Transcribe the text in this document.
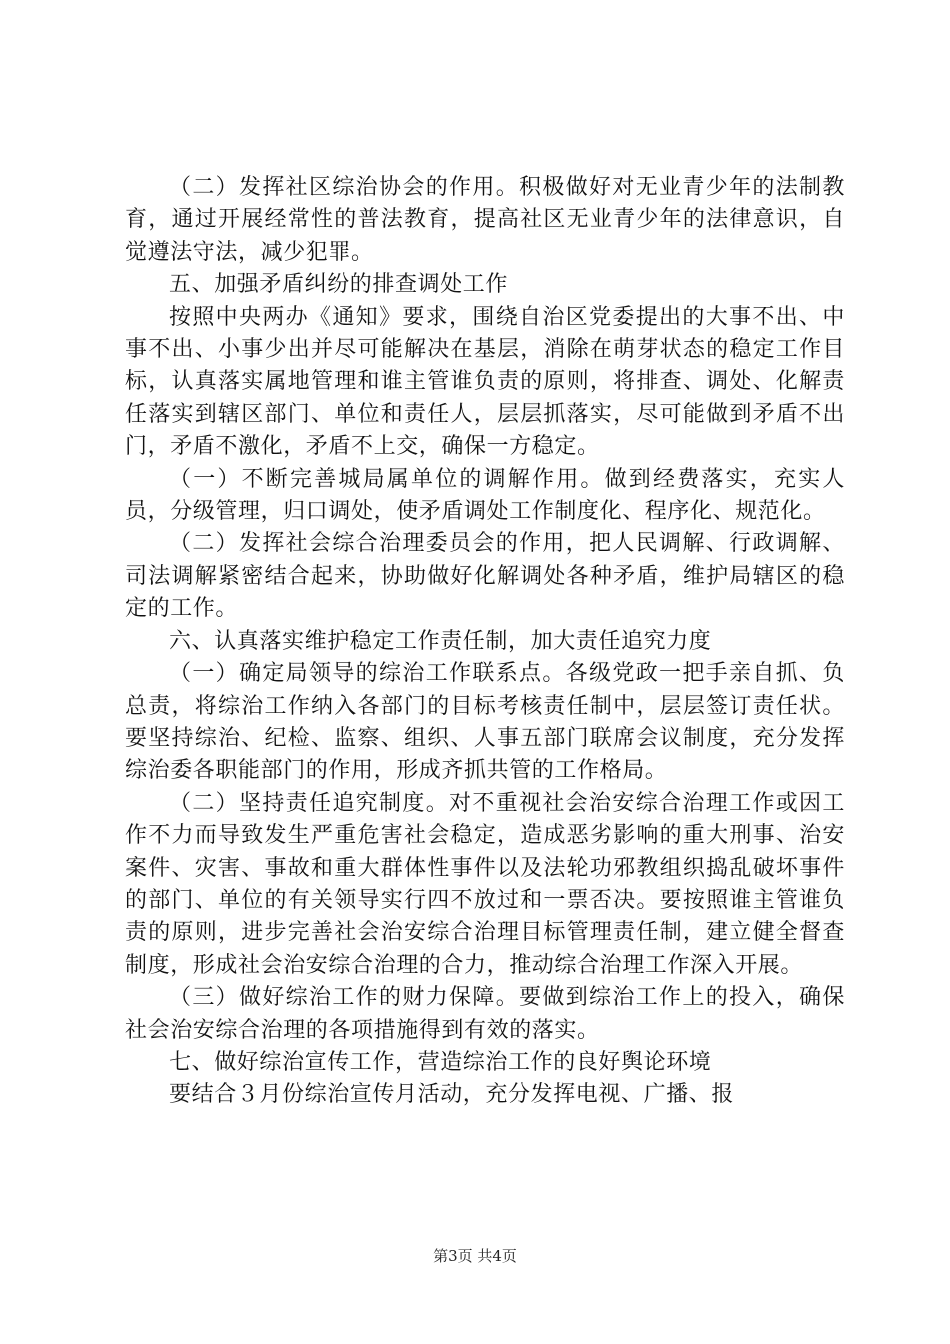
（二）发挥社区综治协会的作用。积极做好对无业青少年的法制教育，通过开展经常性的普法教育，提高社区无业青少年的法律意识，自觉遵法守法，减少犯罪。

五、加强矛盾纠纷的排查调处工作

按照中央两办《通知》要求，围绕自治区党委提出的大事不出、中事不出、小事少出并尽可能解决在基层，消除在萌芽状态的稳定工作目标，认真落实属地管理和谁主管谁负责的原则，将排查、调处、化解责任落实到辖区部门、单位和责任人，层层抓落实，尽可能做到矛盾不出门，矛盾不激化，矛盾不上交，确保一方稳定。

（一）不断完善城局属单位的调解作用。做到经费落实，充实人员，分级管理，归口调处，使矛盾调处工作制度化、程序化、规范化。

（二）发挥社会综合治理委员会的作用，把人民调解、行政调解、司法调解紧密结合起来，协助做好化解调处各种矛盾，维护局辖区的稳定的工作。

六、认真落实维护稳定工作责任制，加大责任追究力度

（一）确定局领导的综治工作联系点。各级党政一把手亲自抓、负总责，将综治工作纳入各部门的目标考核责任制中，层层签订责任状。要坚持综治、纪检、监察、组织、人事五部门联席会议制度，充分发挥综治委各职能部门的作用，形成齐抓共管的工作格局。

（二）坚持责任追究制度。对不重视社会治安综合治理工作或因工作不力而导致发生严重危害社会稳定，造成恶劣影响的重大刑事、治安案件、灾害、事故和重大群体性事件以及法轮功邪教组织捣乱破坏事件的部门、单位的有关领导实行四不放过和一票否决。要按照谁主管谁负责的原则，进步完善社会治安综合治理目标管理责任制，建立健全督查制度，形成社会治安综合治理的合力，推动综合治理工作深入开展。

（三）做好综治工作的财力保障。要做到综治工作上的投入，确保社会治安综合治理的各项措施得到有效的落实。

七、做好综治宣传工作，营造综治工作的良好舆论环境

要结合３月份综治宣传月活动，充分发挥电视、广播、报

第3页 共4页
